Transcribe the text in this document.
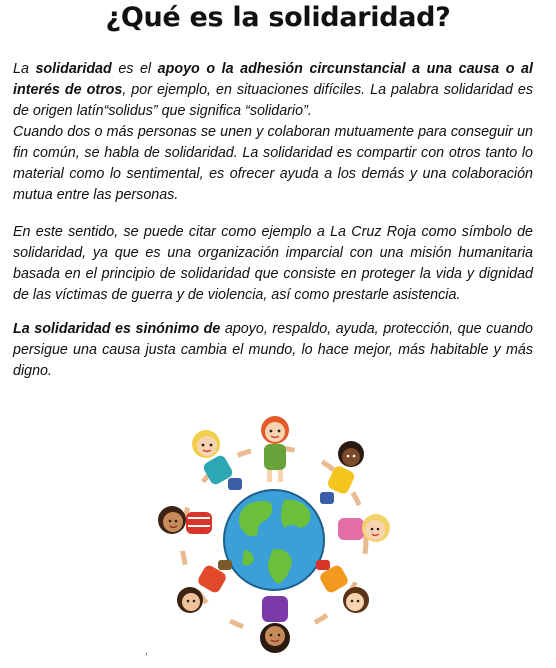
¿Qué es la solidaridad?
La solidaridad es el apoyo o la adhesión circunstancial a una causa o al interés de otros, por ejemplo, en situaciones difíciles. La palabra solidaridad es de origen latín“solidus” que significa “solidario”.
Cuando dos o más personas se unen y colaboran mutuamente para conseguir un fin común, se habla de solidaridad. La solidaridad es compartir con otros tanto lo material como lo sentimental, es ofrecer ayuda a los demás y una colaboración mutua entre las personas.
En este sentido, se puede citar como ejemplo a La Cruz Roja como símbolo de solidaridad, ya que es una organización imparcial con una misión humanitaria basada en el principio de solidaridad que consiste en proteger la vida y dignidad de las víctimas de guerra y de violencia, así como prestarle asistencia.
La solidaridad es sinónimo de apoyo, respaldo, ayuda, protección, que cuando persigue una causa justa cambia el mundo, lo hace mejor, más habitable y más digno.
,
